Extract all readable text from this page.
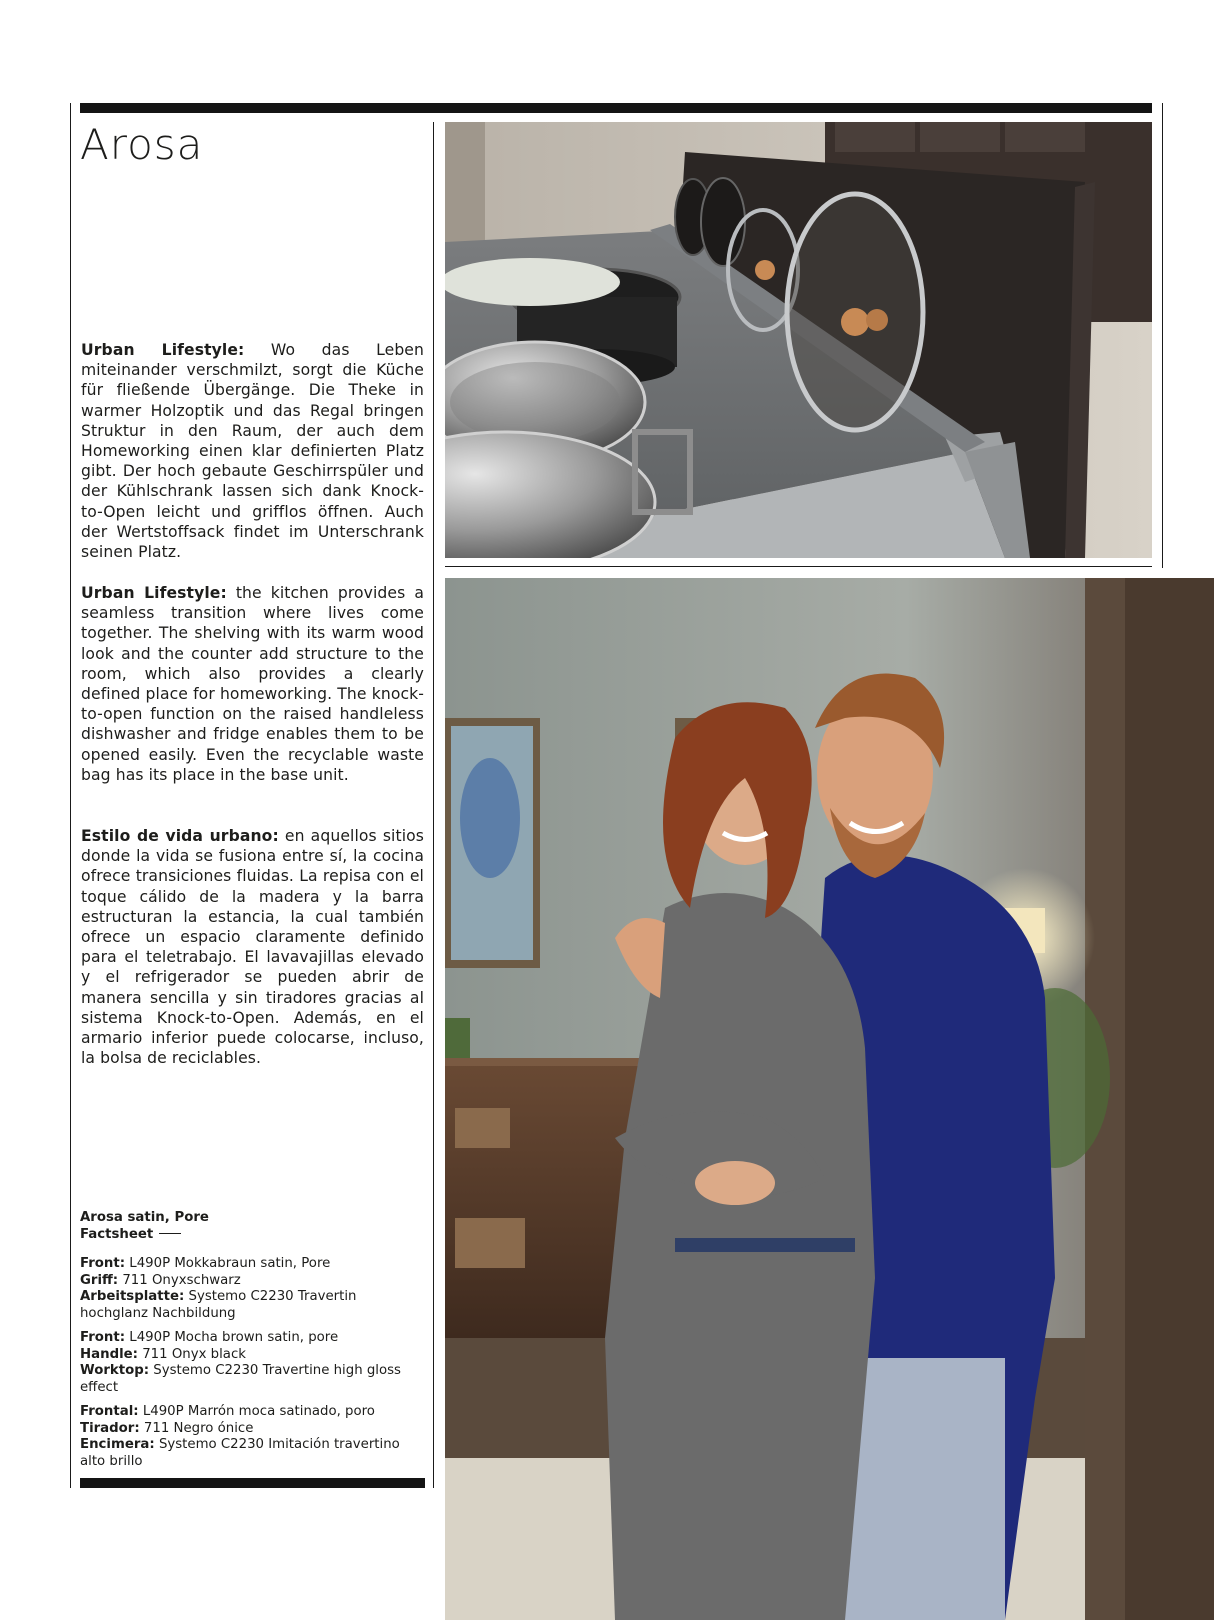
Arosa

Urban Lifestyle: Wo das Leben miteinander verschmilzt, sorgt die Küche für fließende Übergänge. Die Theke in warmer Holzoptik und das Regal bringen Struktur in den Raum, der auch dem Homeworking einen klar definierten Platz gibt. Der hoch gebaute Geschirrspüler und der Kühlschrank lassen sich dank Knock-to-Open leicht und grifflos öffnen. Auch der Wertstoffsack findet im Unterschrank seinen Platz.

Urban Lifestyle: the kitchen provides a seamless transition where lives come together. The shelving with its warm wood look and the counter add structure to the room, which also provides a clearly defined place for homeworking. The knock-to-open function on the raised handleless dishwasher and fridge enables them to be opened easily. Even the recyclable waste bag has its place in the base unit.

Estilo de vida urbano: en aquellos sitios donde la vida se fusiona entre sí, la cocina ofrece transiciones fluidas. La repisa con el toque cálido de la madera y la barra estructuran la estancia, la cual también ofrece un espacio claramente definido para el teletrabajo. El lavavajillas elevado y el refrigerador se pueden abrir de manera sencilla y sin tiradores gracias al sistema Knock-to-Open. Además, en el armario inferior puede colocarse, incluso, la bolsa de reciclables.

Arosa satin, Pore
Factsheet
Front: L490P Mokkabraun satin, Pore
Griff: 711 Onyxschwarz
Arbeitsplatte: Systemo C2230 Travertin hochglanz Nachbildung
Front: L490P Mocha brown satin, pore
Handle: 711 Onyx black
Worktop: Systemo C2230 Travertine high gloss effect
Frontal: L490P Marrón moca satinado, poro
Tirador: 711 Negro ónice
Encimera: Systemo C2230 Imitación travertino alto brillo
